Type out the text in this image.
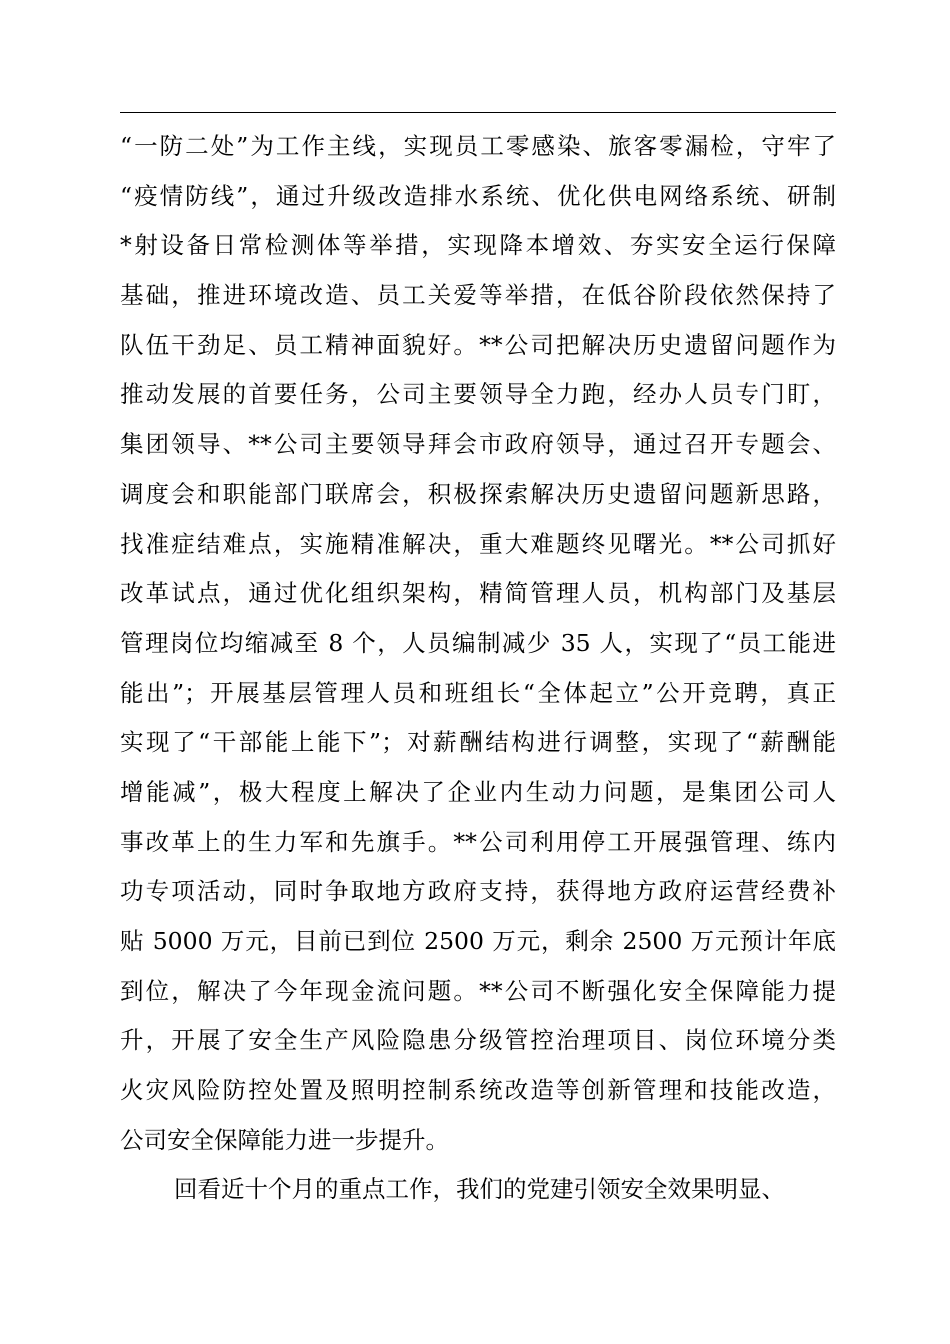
“一防二处”为工作主线，实现员工零感染、旅客零漏检，守牢了
“疫情防线”，通过升级改造排水系统、优化供电网络系统、研制
*射设备日常检测体等举措，实现降本增效、夯实安全运行保障
基础，推进环境改造、员工关爱等举措，在低谷阶段依然保持了
队伍干劲足、员工精神面貌好。**公司把解决历史遗留问题作为
推动发展的首要任务，公司主要领导全力跑，经办人员专门盯，
集团领导、**公司主要领导拜会市政府领导，通过召开专题会、
调度会和职能部门联席会，积极探索解决历史遗留问题新思路，
找准症结难点，实施精准解决，重大难题终见曙光。**公司抓好
改革试点，通过优化组织架构，精简管理人员，机构部门及基层
管理岗位均缩减至 8 个，人员编制减少 35 人，实现了“员工能进
能出”；开展基层管理人员和班组长“全体起立”公开竞聘，真正
实现了“干部能上能下”；对薪酬结构进行调整，实现了“薪酬能
增能减”，极大程度上解决了企业内生动力问题，是集团公司人
事改革上的生力军和先旗手。**公司利用停工开展强管理、练内
功专项活动，同时争取地方政府支持，获得地方政府运营经费补
贴 5000 万元，目前已到位 2500 万元，剩余 2500 万元预计年底
到位，解决了今年现金流问题。**公司不断强化安全保障能力提
升，开展了安全生产风险隐患分级管控治理项目、岗位环境分类
火灾风险防控处置及照明控制系统改造等创新管理和技能改造，
公司安全保障能力进一步提升。
回看近十个月的重点工作，我们的党建引领安全效果明显、
